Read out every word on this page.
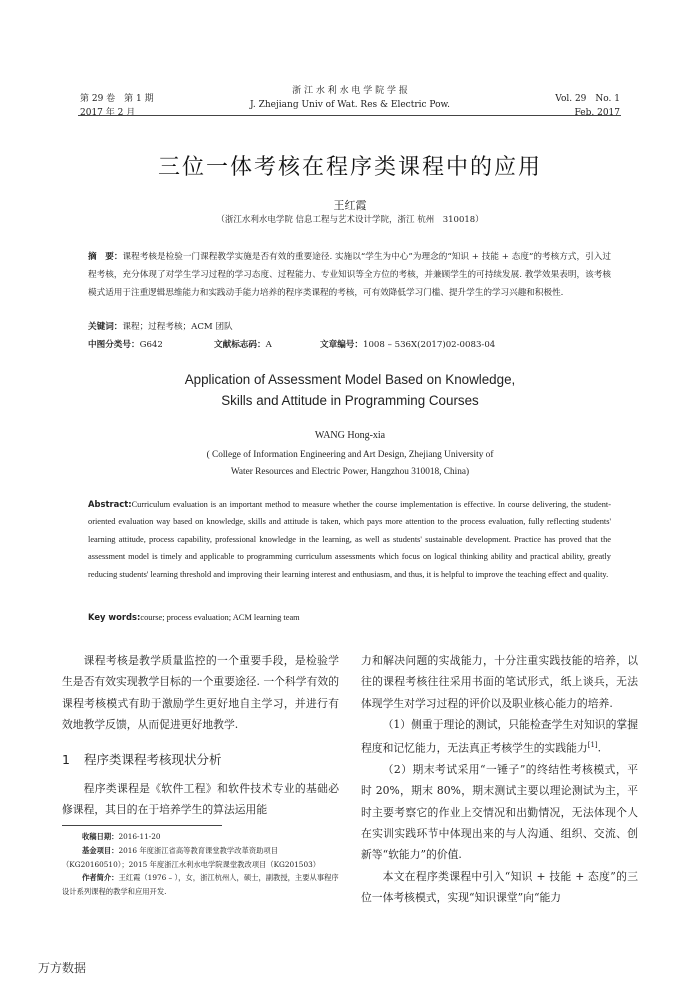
第 29 卷　第 1 期
2017 年 2 月
浙 江 水 利 水 电 学 院 学 报
J. Zhejiang Univ of Wat. Res & Electric Pow.
Vol. 29　No. 1
Feb. 2017
三位一体考核在程序类课程中的应用
王红霞
（浙江水利水电学院 信息工程与艺术设计学院，浙江 杭州　310018）
摘　要：课程考核是检验一门课程教学实施是否有效的重要途径. 实施以“学生为中心”为理念的“知识 + 技能 + 态度”的考核方式，引入过程考核，充分体现了对学生学习过程的学习态度、过程能力、专业知识等全方位的考核，并兼顾学生的可持续发展. 教学效果表明，该考核模式适用于注重逻辑思维能力和实践动手能力培养的程序类课程的考核，可有效降低学习门槛、提升学生的学习兴趣和积极性.
关键词：课程；过程考核；ACM 团队
中图分类号：G642	文献标志码：A	文章编号：1008 – 536X(2017)02-0083-04
Application of Assessment Model Based on Knowledge,
Skills and Attitude in Programming Courses
WANG Hong-xia
( College of Information Engineering and Art Design, Zhejiang University of
Water Resources and Electric Power, Hangzhou 310018, China)
Abstract:Curriculum evaluation is an important method to measure whether the course implementation is effective. In course delivering, the student-oriented evaluation way based on knowledge, skills and attitude is taken, which pays more attention to the process evaluation, fully reflecting students' learning attitude, process capability, professional knowledge in the learning, as well as students' sustainable development. Practice has proved that the assessment model is timely and applicable to programming curriculum assessments which focus on logical thinking ability and practical ability, greatly reducing students' learning threshold and improving their learning interest and enthusiasm, and thus, it is helpful to improve the teaching effect and quality.
Key words:course; process evaluation; ACM learning team

课程考核是教学质量监控的一个重要手段，是检验学生是否有效实现教学目标的一个重要途径. 一个科学有效的课程考核模式有助于激励学生更好地自主学习，并进行有效地教学反馈，从而促进更好地教学.

1 程序类课程考核现状分析

程序类课程是《软件工程》和软件技术专业的基础必修课程，其目的在于培养学生的算法运用能

收稿日期：2016-11-20
基金项目：2016 年度浙江省高等教育课堂教学改革资助项目（KG20160510）；2015 年度浙江水利水电学院课堂教改项目（KG201503）
作者简介：王红霞（1976 – ），女，浙江杭州人，硕士，副教授，主要从事程序设计系列课程的教学和应用开发.

力和解决问题的实战能力，十分注重实践技能的培养，以往的课程考核往往采用书面的笔试形式，纸上谈兵，无法体现学生对学习过程的评价以及职业核心能力的培养.

（1）侧重于理论的测试，只能检查学生对知识的掌握程度和记忆能力，无法真正考核学生的实践能力[1].

（2）期末考试采用“一锤子”的终结性考核模式，平时 20%，期末 80%，期末测试主要以理论测试为主，平时主要考察它的作业上交情况和出勤情况，无法体现个人在实训实践环节中体现出来的与人沟通、组织、交流、创新等“软能力”的价值.

本文在程序类课程中引入“知识 + 技能 + 态度”的三位一体考核模式，实现“知识课堂”向“能力

万方数据
